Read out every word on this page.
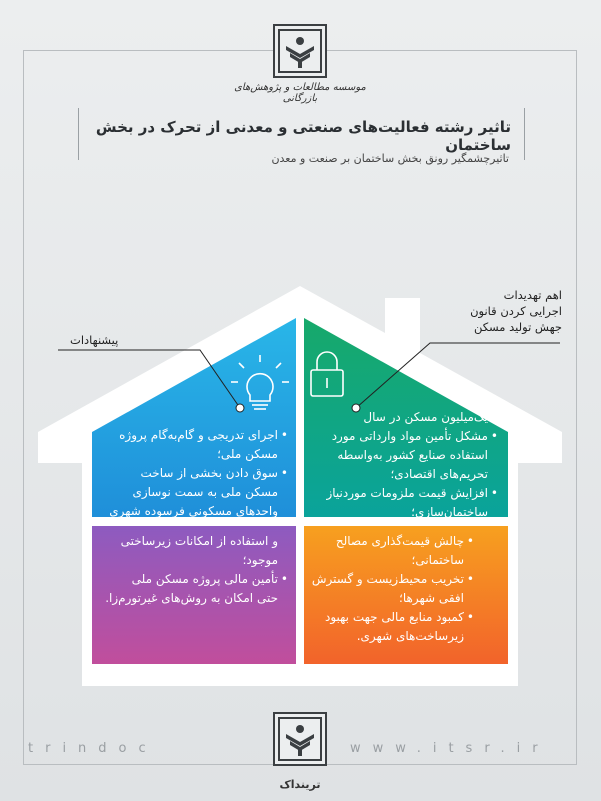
موسسه مطالعات و پژوهش‌های بازرگانی
تاثیر رشته فعالیت‌های صنعتی و معدنی از تحرک در بخش ساختمان
تاثیرچشمگیر رونق بخش ساختمان بر صنعت و معدن
پیشنهادات
اهم تهدیدات
اجرایی کردن قانون
جهش تولید مسکن
• اجرای تدریجی و گام‌به‌گام پروژه
مسکن ملی؛
• سوق دادن بخشی از ساخت
مسکن ملی به سمت نوسازی
واحدهای مسکونی فرسوده شهری
• یک‌میلیون مسکن در سال
• مشکل تأمین مواد وارداتی مورد
استفاده صنایع کشور به‌واسطه
تحریم‌های اقتصادی؛
• افزایش قیمت ملزومات موردنیاز
ساختمان‌سازی؛
و استفاده از امکانات زیرساختی
موجود؛
• تأمین مالی پروژه مسکن ملی
حتی امکان به روش‌های غیرتورم‌زا.
• چالش قیمت‌گذاری مصالح
ساختمانی؛
• تخریب محیط‌زیست و گسترش
افقی شهرها؛
• کمبود منابع مالی جهت بهبود
زیرساخت‌های شهری.
trindoc	www.itsr.ir
ترینداک
